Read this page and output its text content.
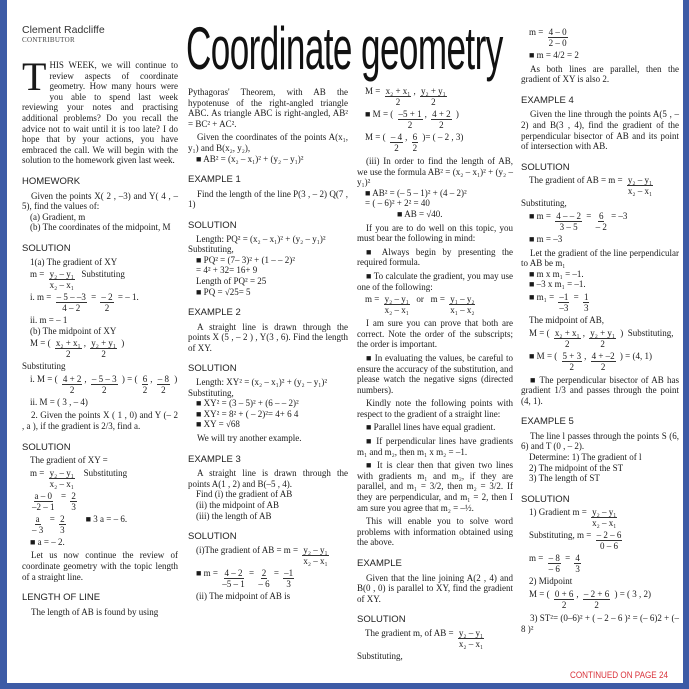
Clement Radcliffe
CONTRIBUTOR	Coordinate geometry
THIS WEEK, we will continue to review aspects of coordinate geometry. How many hours were you able to spend last week reviewing your notes and practising additional problems? Do you recall the advice not to wait until it is too late? I do hope that by your actions, you have embraced the call. We will begin with the solution to the homework given last week.
HOMEWORK
Given the points X( 2 , –3) and Y( 4 , – 5), find the values of:
(a) Gradient, m
(b) The coordinates of the midpoint, M
SOLUTION
1(a) The gradient of XY
$m = \frac{\text{y₂ – y₁}}{\text{x₂ – x₁}}$ Substituting
i. $m = \frac{- 5 - -3}{4 - 2} = \frac{- 2}{2}$ = – 1.
ii. m = – 1
(b) The midpoint of XY
M = ( $\frac{\text{x₂ + x₁}}{2}$ , $\frac{\text{y₂ + y₁}}{2}$ )
Substituting
i. M = ( $\frac{4 + 2}{2}$ , $\frac{- 5 - 3}{2}$ ) = ( $\frac{6}{2}$ , $\frac{- 8}{2}$ )
ii. M = ( 3 , – 4)
2. Given the points X ( 1 , 0) and Y (– 2 , a ), if the gradient is 2/3, find a.
SOLUTION
The gradient of XY =
$m = \frac{\text{y₂ – y₁}}{\text{x₂ – x₁}}$ Substituting
$\frac{a - 0}{-2 - 1} = \frac{2}{3}$
$\frac{a}{- 3} = \frac{2}{3}$ ■ 3 a = – 6.
■ a = – 2.
Let us now continue the review of coordinate geometry with the topic length of a straight line.
LENGTH OF LINE
The length of AB is found by using
Pythagoras' Theorem, with AB the hypotenuse of the right-angled triangle ABC. As triangle ABC is right-angled, AB² = BC² + AC².
Given the coordinates of the points A(x₁, y₁) and B(x₂, y₂),
■ AB² = (x₂ – x₁)² + (y₂ – y₁)²
EXAMPLE 1
Find the length of the line P(3 , – 2) Q(7 , 1)
SOLUTION
Length: PQ² = (x₂ – x₁)² + (y₂ – y₁)²
Substituting,
■ PQ² = (7– 3)² + (1 – – 2)²
= 4² + 32= 16+ 9
Length of PQ² = 25
■ PQ = √25= 5
EXAMPLE 2
A straight line is drawn through the points X (5 , – 2 ) , Y(3 , 6). Find the length of XY.
SOLUTION
Length: XY² = (x₂ – x₁)² + (y₂ – y₁)²
Substituting,
■ XY² = (3 – 5)² + (6 – – 2)²
■ XY² = 8² + ( – 2)²= 4+ 6 4
■ XY = √68
We will try another example.
EXAMPLE 3
A straight line is drawn through the points A(1 , 2) and B(–5 , 4).
Find (i) the gradient of AB
(ii) the midpoint of AB
(iii) the length of AB
SOLUTION
(i)The gradient of AB = $m = \frac{\text{y₂ – y₁}}{\text{x₂ – x₁}}$
■ $m = \frac{4 - 2}{-5 - 1} = \frac{2}{- 6} = \frac{-1}{3}$
(ii) The midpoint of AB is
$M = \frac{\text{x₂ + x₁}}{2}$ , $\frac{\text{y₂ + y₁}}{2}$
■ M = ( $\frac{-5 + 1}{2}$ , $\frac{4 + 2}{2}$ )
M = ( $\frac{- 4}{2}$ , $\frac{6}{2}$ )= ( – 2 , 3)
(iii) In order to find the length of AB, we use the formula AB² = (x₂ – x₁)² + (y₂ – y₁)²
■ AB² = (– 5 – 1)² + (4 – 2)²
= ( – 6)² + 2² = 40
■ AB = √40.
If you are to do well on this topic, you must bear the following in mind:
■ Always begin by presenting the required formula.
■ To calculate the gradient, you may use one of the following:
$m = \frac{\text{y₂ – y₁}}{\text{x₂ – x₁}}$ or   $m = \frac{\text{y₁ – y₂}}{\text{x₁ – x₂}}$
I am sure you can prove that both are correct. Note the order of the subscripts; the order is important.
■ In evaluating the values, be careful to ensure the accuracy of the substitution, and please watch the negative signs (directed numbers).
Kindly note the following points with respect to the gradient of a straight line:
■ Parallel lines have equal gradient.
■ If perpendicular lines have gradients m₁ and m₂, then m₁ x m₂ = –1.
■ It is clear then that given two lines with gradients m₁ and m₂, if they are parallel, and m₁ = 3/2, then m₂ = 3/2. If they are perpendicular, and m₁ = 2, then I am sure you agree that m₂ = –½.
This will enable you to solve word problems with information obtained using the above.
EXAMPLE
Given that the line joining A(2 , 4) and B(0 , 0) is parallel to XY, find the gradient of XY.
SOLUTION
The gradient m, of AB = $\frac{\text{y₂ – y₁}}{\text{x₂ – x₁}}$
Substituting,
$m = \frac{4 - 0}{2 - 0}$
■ m = 4/2 = 2
As both lines are parallel, then the gradient of XY is also 2.
EXAMPLE 4
Given the line through the points A(5 , –2) and B(3 , 4), find the gradient of the perpendicular bisector of AB and its point of intersection with AB.
SOLUTION
The gradient of AB = $m = \frac{\text{y₂ – y₁}}{\text{x₂ – x₁}}$
Substituting,
■ $m = \frac{4 - - 2}{3 - 5} = \frac{6}{- 2} = -3$
■ m = –3
Let the gradient of the line perpendicular to AB be m₁
■ m x m₁ = –1.
■ –3 x m₁ = –1.
■ $m_1 = \frac{-1}{-3} = \frac{1}{3}$
The midpoint of AB,
M = ( $\frac{\text{x₂ + x₁}}{2}$ , $\frac{\text{y₂ + y₁}}{2}$ )  Substituting,
■ M = ( $\frac{5 + 3}{2}$ , $\frac{4 + -2}{2}$ ) = (4, 1)
■ The perpendicular bisector of AB has gradient 1/3 and passes through the point (4, 1).
EXAMPLE 5
The line l passes through the points S (6, 6) and T (0 , – 2).
Determine: 1) The gradient of l
2) The midpoint of the ST
3) The length of ST
SOLUTION
1) Gradient $m = \frac{\text{y₂ – y₁}}{\text{x₂ – x₁}}$
Substituting, $m = \frac{- 2 - 6}{0 - 6}$
$m = \frac{- 8}{- 6} = \frac{4}{3}$
2) Midpoint
M = ( $\frac{0 + 6}{2}$ , $\frac{- 2 + 6}{2}$ ) = ( 3 , 2)
3) ST²= (0–6)² + ( – 2 – 6 )² = (– 6)2 + (– 8 )²
CONTINUED ON PAGE 24
